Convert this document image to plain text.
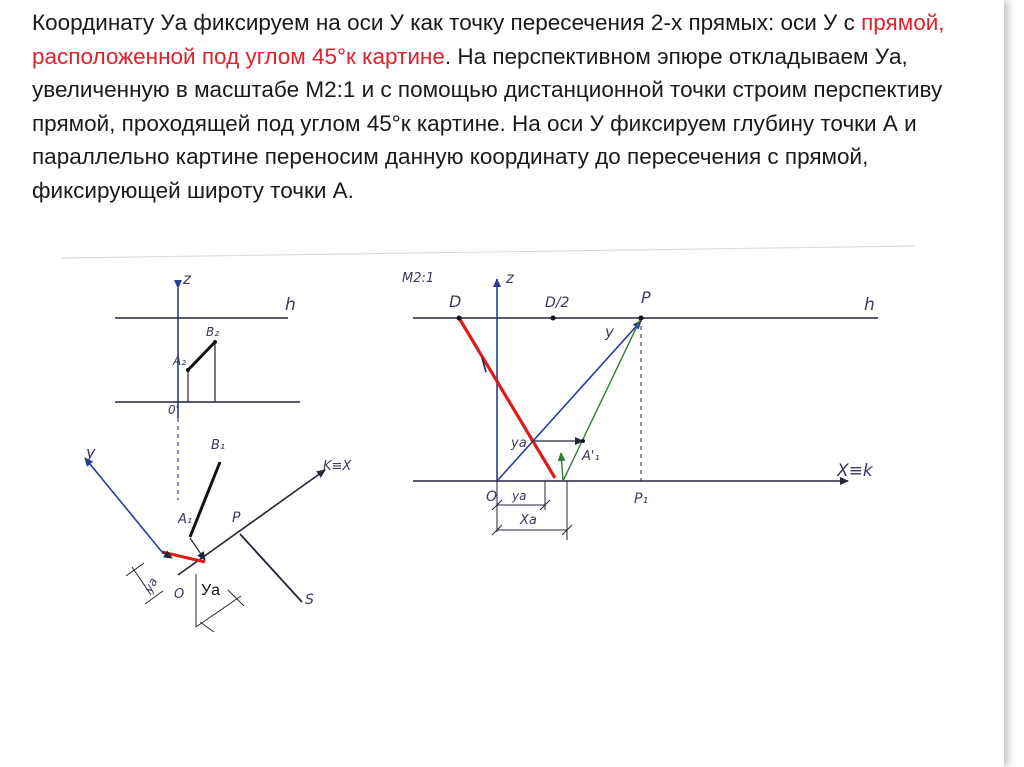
Координату Уа фиксируем на оси У как точку пересечения 2-х прямых: оси У с прямой, расположенной под углом 45°к картине. На перспективном эпюре откладываем Уа, увеличенную в масштабе М2:1 и с помощью дистанционной точки строим перспективу прямой, проходящей под углом 45°к картине. На оси У фиксируем глубину точки А и параллельно картине переносим данную координату до пересечения с прямой, фиксирующей широту точки А.

z
h
A₂
B₂
0'
y	B₁
K≡X
A₁	P
ya O Уа
S
M2:1
D
z
D/2	P	h
y
ya
A'₁
X≡k
O ya	P₁
Xa
